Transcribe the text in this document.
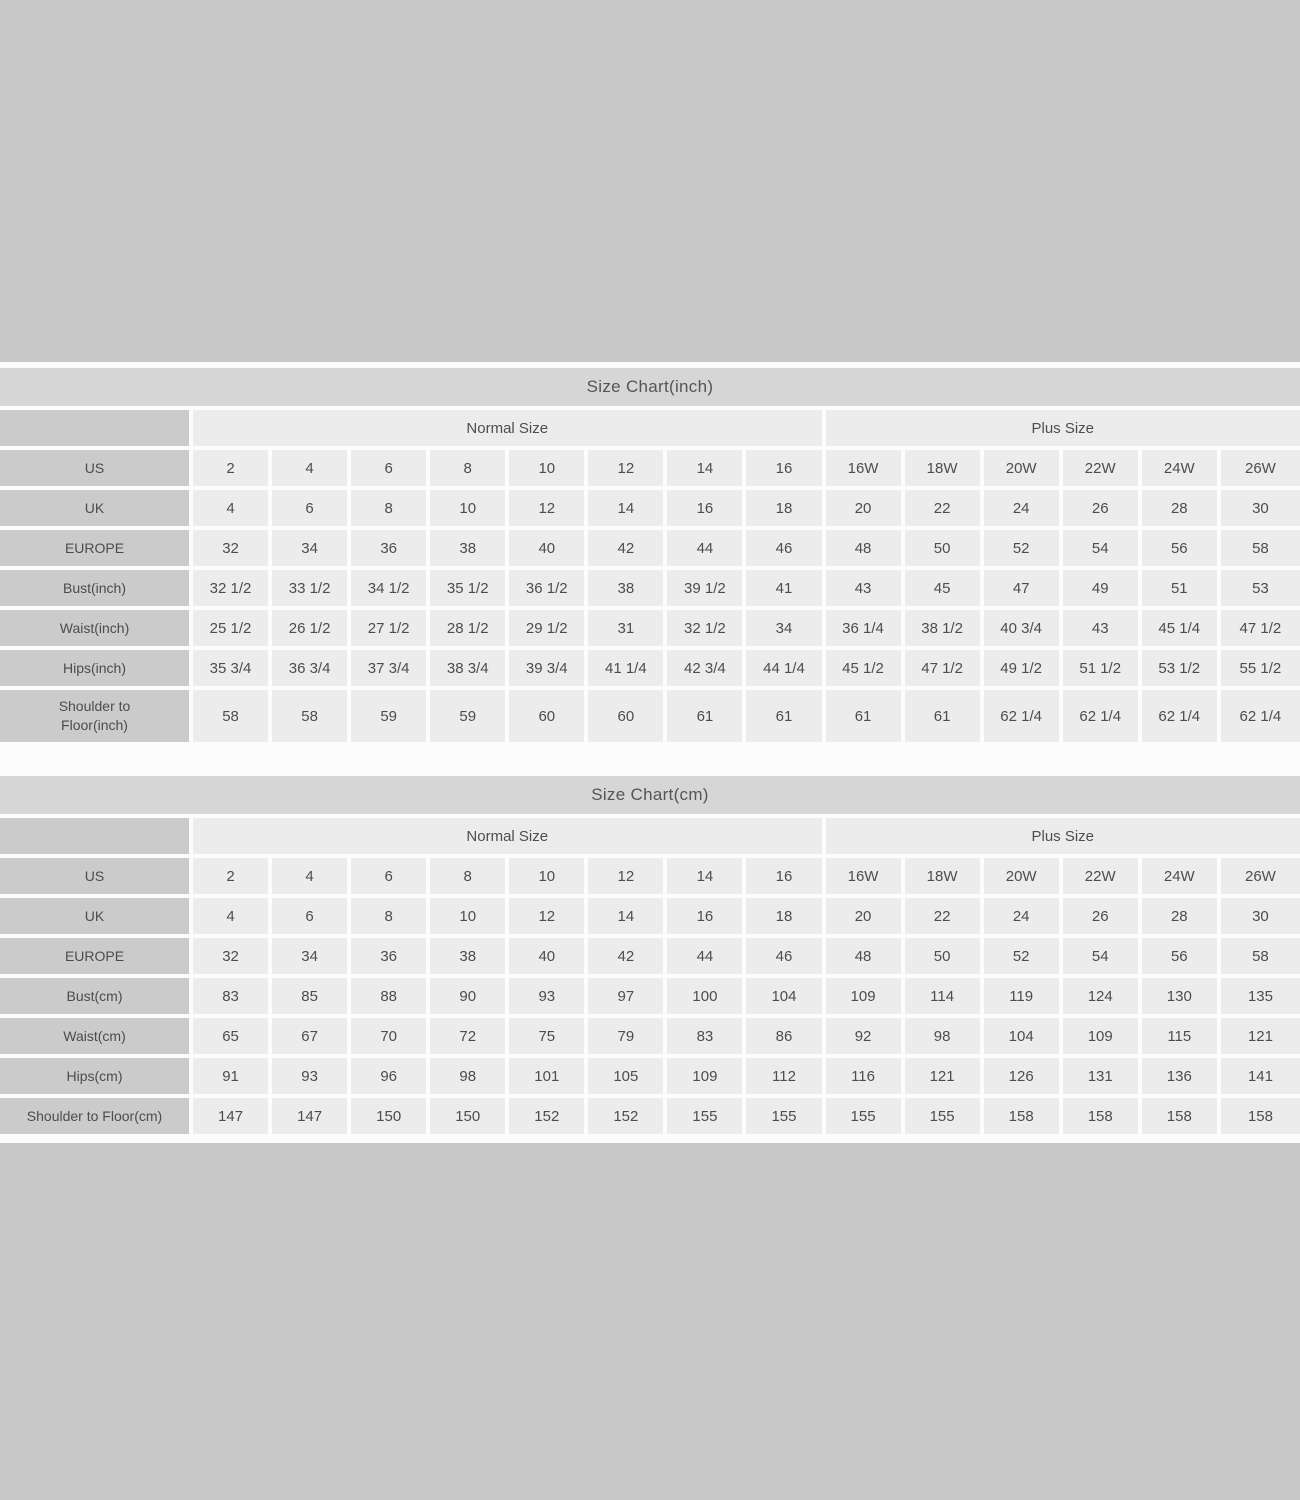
Size Chart(inch)
	Normal Size								Plus Size					
US	2	4	6	8	10	12	14	16	16W	18W	20W	22W	24W	26W
UK	4	6	8	10	12	14	16	18	20	22	24	26	28	30
EUROPE	32	34	36	38	40	42	44	46	48	50	52	54	56	58
Bust(inch)	32 1/2	33 1/2	34 1/2	35 1/2	36 1/2	38	39 1/2	41	43	45	47	49	51	53
Waist(inch)	25 1/2	26 1/2	27 1/2	28 1/2	29 1/2	31	32 1/2	34	36 1/4	38 1/2	40 3/4	43	45 1/4	47 1/2
Hips(inch)	35 3/4	36 3/4	37 3/4	38 3/4	39 3/4	41 1/4	42 3/4	44 1/4	45 1/2	47 1/2	49 1/2	51 1/2	53 1/2	55 1/2
Shoulder to Floor(inch)	58	58	59	59	60	60	61	61	61	61	62 1/4	62 1/4	62 1/4	62 1/4
Size Chart(cm)
	Normal Size								Plus Size					
US	2	4	6	8	10	12	14	16	16W	18W	20W	22W	24W	26W
UK	4	6	8	10	12	14	16	18	20	22	24	26	28	30
EUROPE	32	34	36	38	40	42	44	46	48	50	52	54	56	58
Bust(cm)	83	85	88	90	93	97	100	104	109	114	119	124	130	135
Waist(cm)	65	67	70	72	75	79	83	86	92	98	104	109	115	121
Hips(cm)	91	93	96	98	101	105	109	112	116	121	126	131	136	141
Shoulder to Floor(cm)	147	147	150	150	152	152	155	155	155	155	158	158	158	158
